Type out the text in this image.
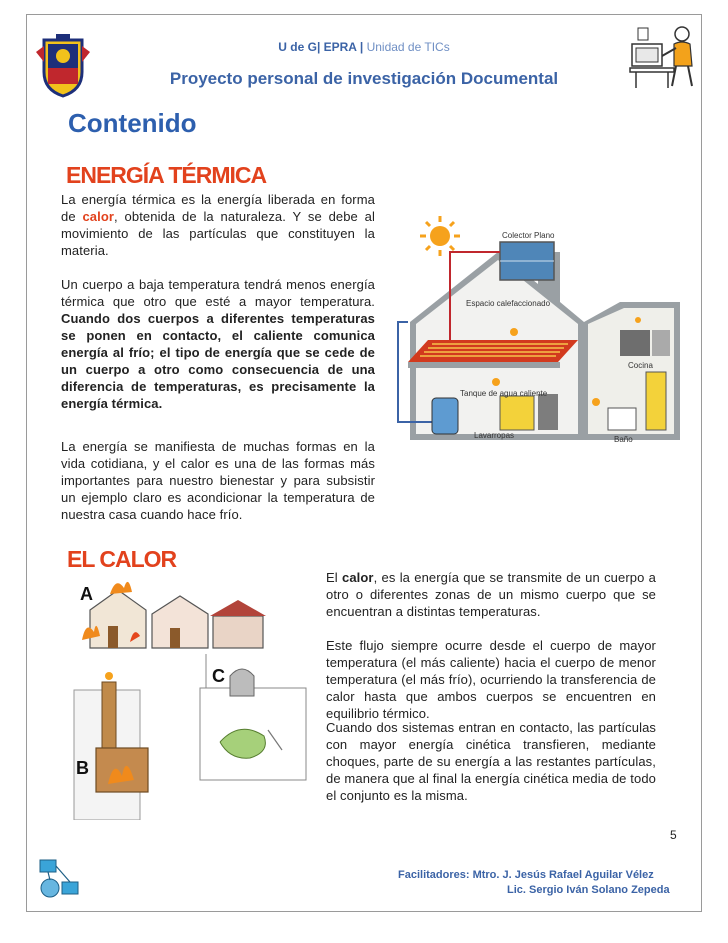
U de G| EPRA | Unidad de TICs
Proyecto personal de investigación Documental
Contenido
ENERGÍA TÉRMICA

La energía térmica es la energía liberada en forma de calor, obtenida de la naturaleza. Y se debe al movimiento de las partículas que constituyen la materia.

Un cuerpo a baja temperatura tendrá menos energía térmica que otro que esté a mayor temperatura. Cuando dos cuerpos a diferentes temperaturas se ponen en contacto, el caliente comunica energía al frío; el tipo de energía que se cede de un cuerpo a otro como consecuencia de una diferencia de temperaturas, es precisamente la energía térmica.

La energía se manifiesta de muchas formas en la vida cotidiana, y el calor es una de las formas más importantes para nuestro bienestar y para subsistir un ejemplo claro es acondicionar la temperatura de nuestra casa cuando hace frío.

Colector Plano
Espacio calefaccionado
Tanque de agua caliente
Cocina
Lavarropas	Baño
EL CALOR
A
B
C

El calor, es la energía que se transmite de un cuerpo a otro o diferentes zonas de un mismo cuerpo que se encuentran a distintas temperaturas.

Este flujo siempre ocurre desde el cuerpo de mayor temperatura (el más caliente) hacia el cuerpo de menor temperatura (el más frío), ocurriendo la transferencia de calor hasta que ambos cuerpos se encuentren en equilibrio térmico.

Cuando dos sistemas entran en contacto, las partículas con mayor energía cinética transfieren, mediante choques, parte de su energía a las restantes partículas, de manera que al final la energía cinética media de todo el conjunto es la misma.

5
Facilitadores: Mtro. J. Jesús Rafael Aguilar Vélez
Lic. Sergio Iván Solano Zepeda
